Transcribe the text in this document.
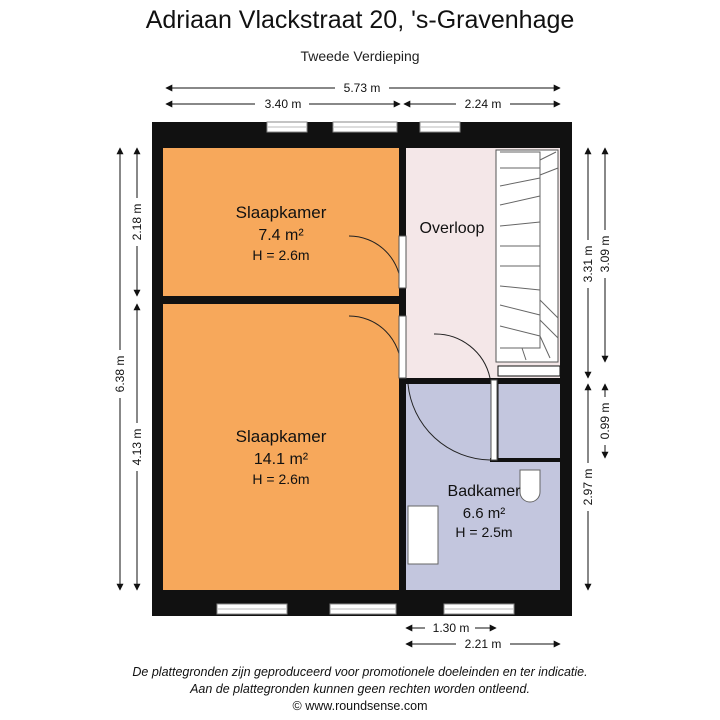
Adriaan Vlackstraat 20, 's-Gravenhage
Tweede Verdieping
Slaapkamer
7.4 m²
H = 2.6m
Slaapkamer
14.1 m²
H = 2.6m
Overloop
Badkamer
6.6 m²
H = 2.5m
5.73 m
3.40 m	2.24 m
6.38 m
2.18 m
4.13 m
3.31 m 3.09 m
0.99 m
2.97 m
1.30 m
2.21 m
De plattegronden zijn geproduceerd voor promotionele doeleinden en ter indicatie.
Aan de plattegronden kunnen geen rechten worden ontleend.
© www.roundsense.com
